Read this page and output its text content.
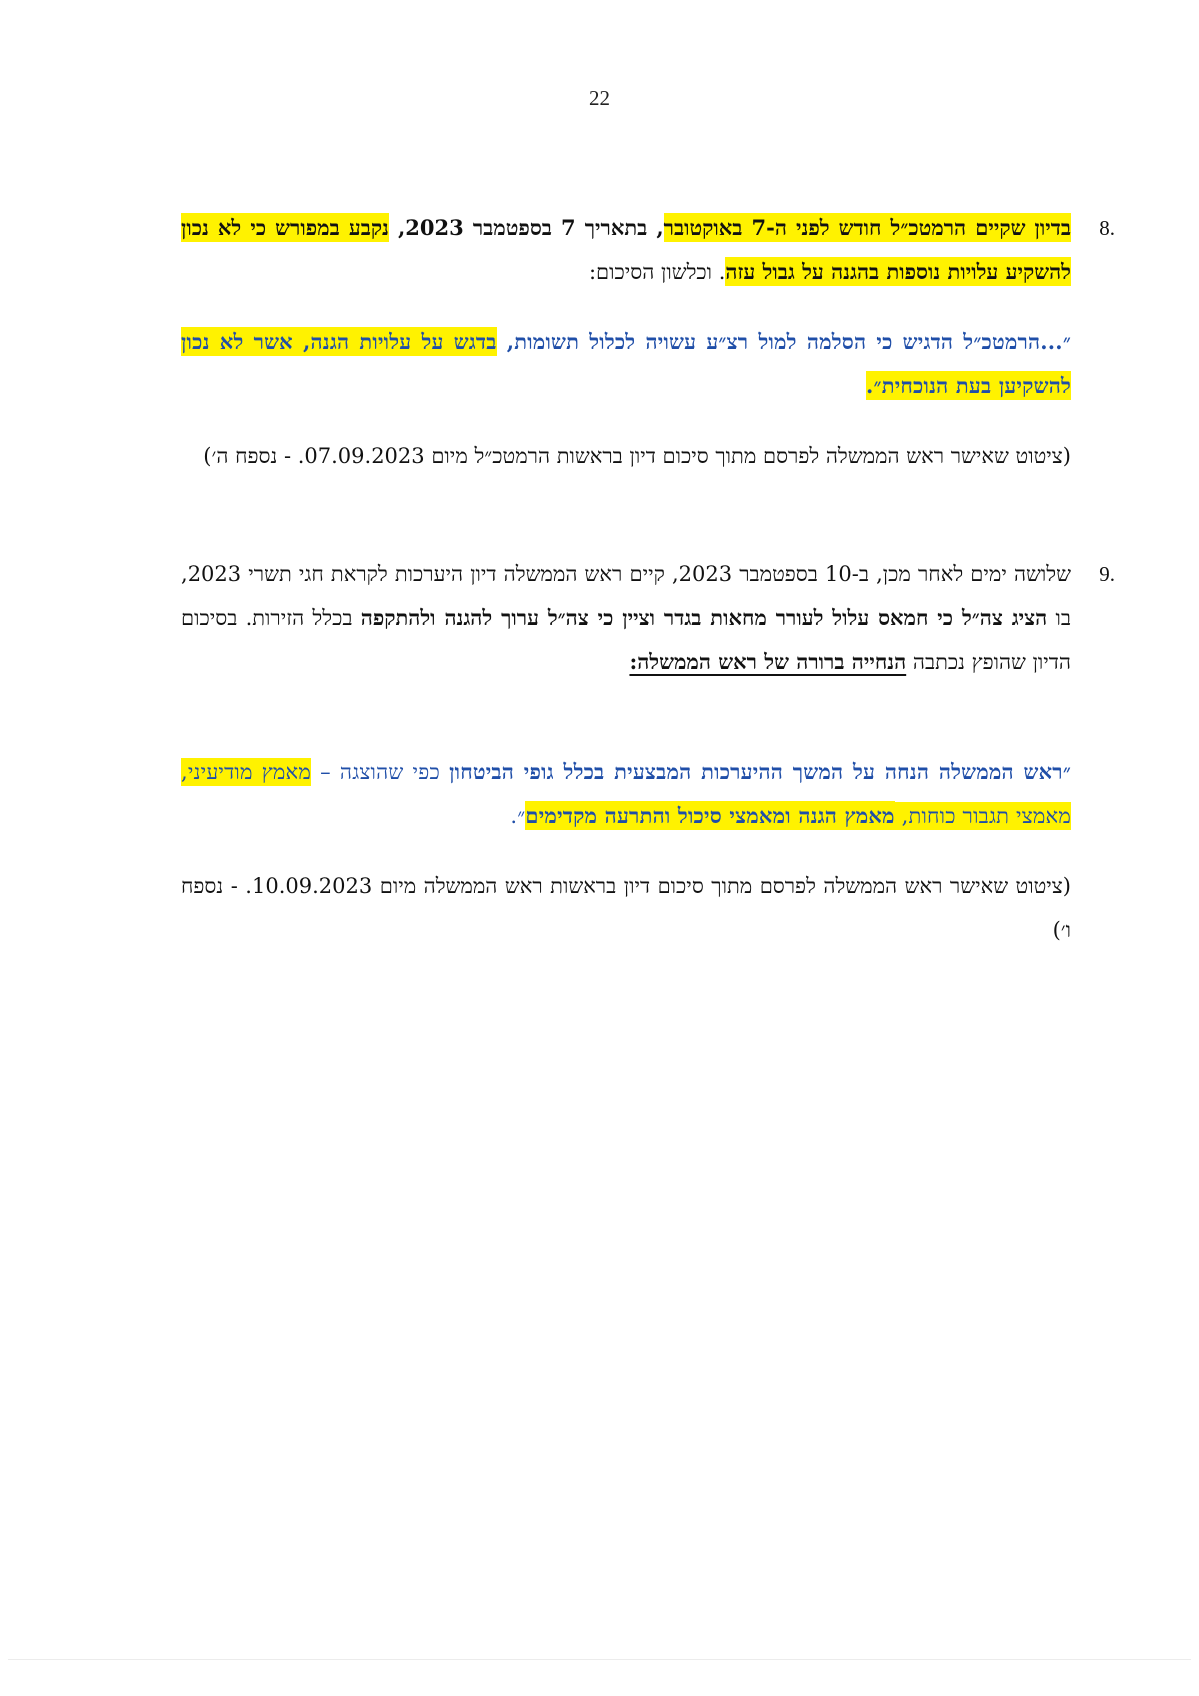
22

8.
בדיון שקיים הרמטכ״ל חודש לפני ה-7 באוקטובר, בתאריך 7 בספטמבר 2023, נקבע במפורש כי לא נכון להשקיע עלויות נוספות בהגנה על גבול עזה. וכלשון הסיכום:

״...הרמטכ״ל הדגיש כי הסלמה למול רצ״ע עשויה לכלול תשומות, בדגש על עלויות הגנה, אשר לא נכון להשקיען בעת הנוכחית״.

(ציטוט שאישר ראש הממשלה לפרסם מתוך סיכום דיון בראשות הרמטכ״ל מיום 07.09.2023. - נספח ה׳)

9.
שלושה ימים לאחר מכן, ב-10 בספטמבר 2023, קיים ראש הממשלה דיון היערכות לקראת חגי תשרי 2023, בו הציג צה״ל כי חמאס עלול לעורר מחאות בגדר וציין כי צה״ל ערוך להגנה ולהתקפה בכלל הזירות. בסיכום הדיון שהופץ נכתבה הנחייה ברורה של ראש הממשלה:

״ראש הממשלה הנחה על המשך ההיערכות המבצעית בכלל גופי הביטחון כפי שהוצגה – מאמץ מודיעיני, מאמצי תגבור כוחות, מאמץ הגנה ומאמצי סיכול והתרעה מקדימים״.

(ציטוט שאישר ראש הממשלה לפרסם מתוך סיכום דיון בראשות ראש הממשלה מיום 10.09.2023. - נספח ו׳)
